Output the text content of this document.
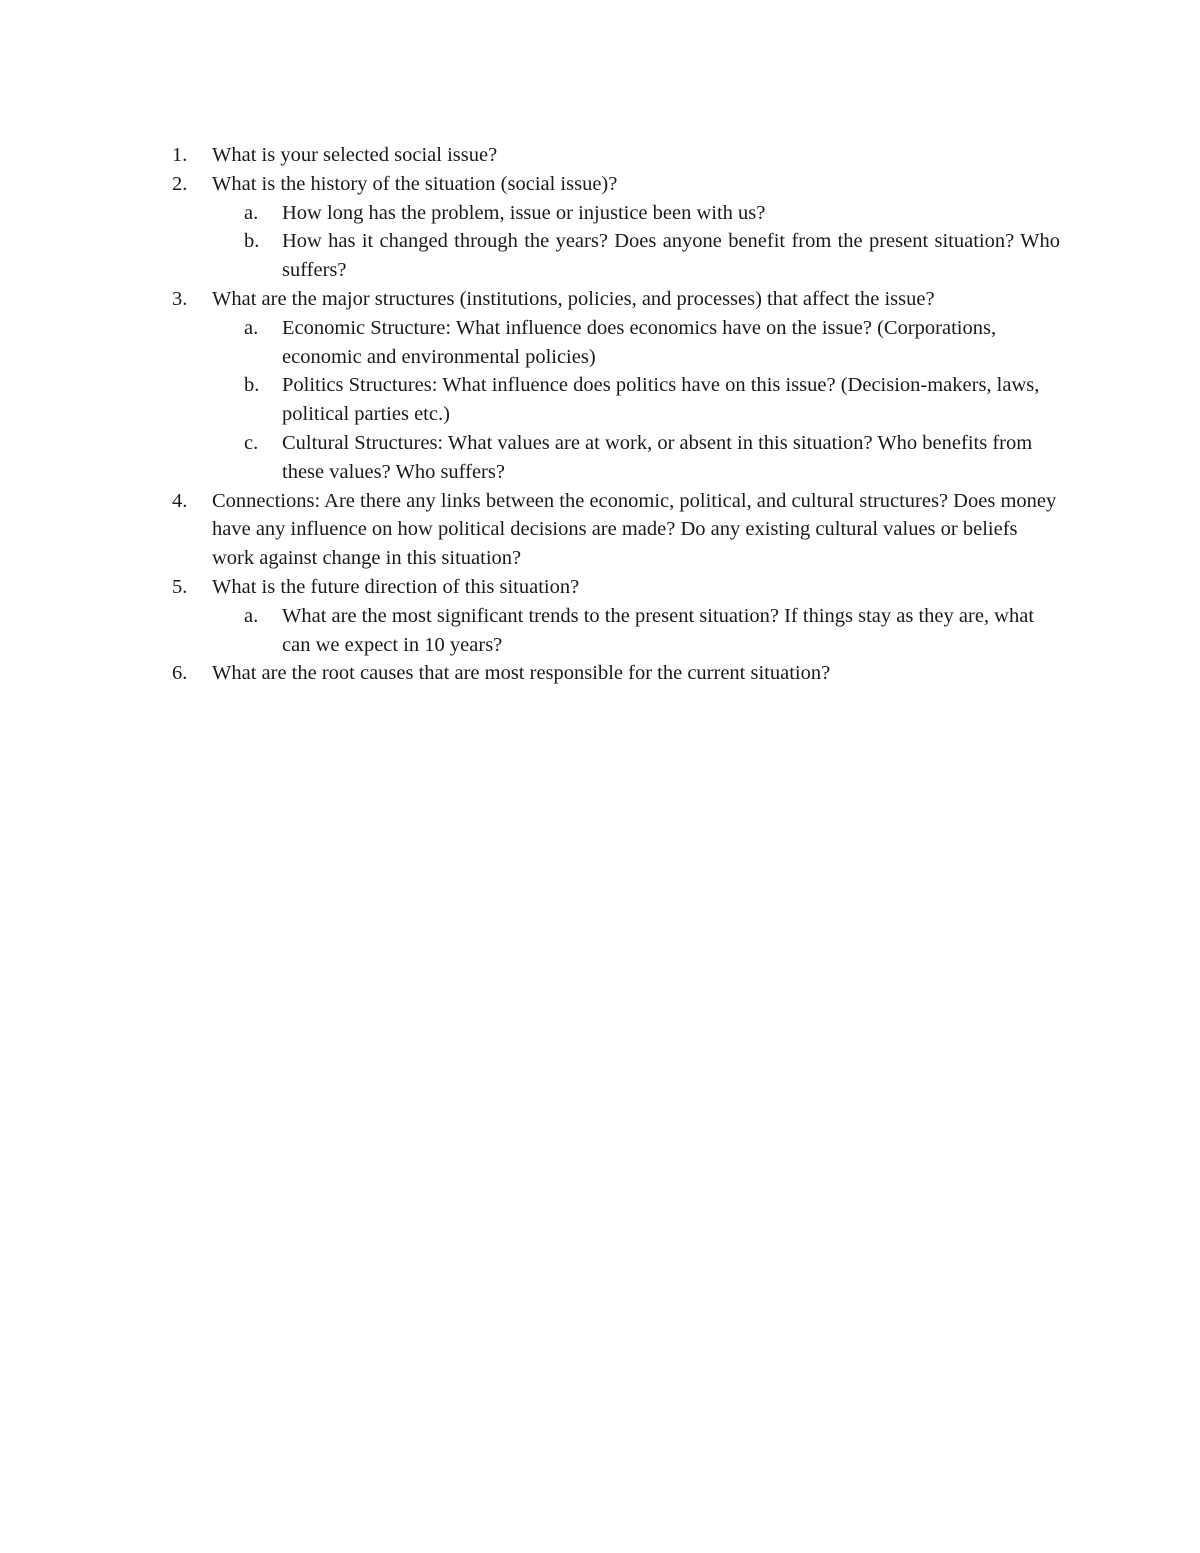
1.	What is your selected social issue?
2.	What is the history of the situation (social issue)?
a.	How long has the problem, issue or injustice been with us?
b.	How has it changed through the years? Does anyone benefit from the present situation? Who suffers?
3.	What are the major structures (institutions, policies, and processes) that affect the issue?
a.	Economic Structure: What influence does economics have on the issue? (Corporations, economic and environmental policies)
b.	Politics Structures: What influence does politics have on this issue? (Decision-makers, laws, political parties etc.)
c.	Cultural Structures: What values are at work, or absent in this situation? Who benefits from these values? Who suffers?
4.	Connections: Are there any links between the economic, political, and cultural structures? Does money have any influence on how political decisions are made? Do any existing cultural values or beliefs work against change in this situation?
5.	What is the future direction of this situation?
a.	What are the most significant trends to the present situation? If things stay as they are, what can we expect in 10 years?
6.	What are the root causes that are most responsible for the current situation?
